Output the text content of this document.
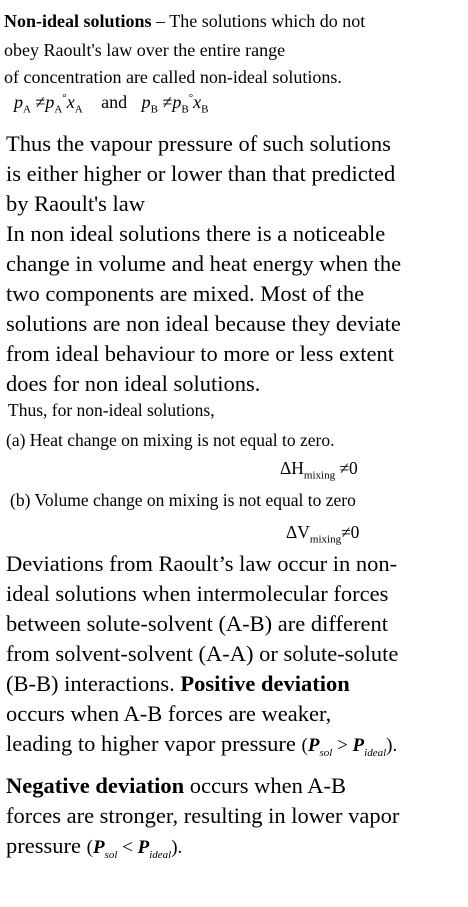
Non-ideal solutions – The solutions which do not
obey Raoult's law over the entire range
of concentration are called non-ideal solutions.
$p_A \ne p_A^\circ x_A$ and $p_B \ne p_B^\circ x_B$
Thus the vapour pressure of such solutions
is either higher or lower than that predicted
by Raoult's law
In non ideal solutions there is a noticeable
change in volume and heat energy when the
two components are mixed. Most of the
solutions are non ideal because they deviate
from ideal behaviour to more or less extent
does for non ideal solutions.
Thus, for non-ideal solutions,
(a) Heat change on mixing is not equal to zero.
$\Delta H_{mixing} \ne 0$
(b) Volume change on mixing is not equal to zero
$\Delta V_{mixing}\ne 0$
Deviations from Raoult’s law occur in non-
ideal solutions when intermolecular forces
between solute-solvent (A-B) are different
from solvent-solvent (A-A) or solute-solute
(B-B) interactions. Positive deviation
occurs when A-B forces are weaker,
leading to higher vapor pressure $(P_{sol} > P_{ideal})$.
Negative deviation occurs when A-B
forces are stronger, resulting in lower vapor
pressure $(P_{sol} < P_{ideal})$.
